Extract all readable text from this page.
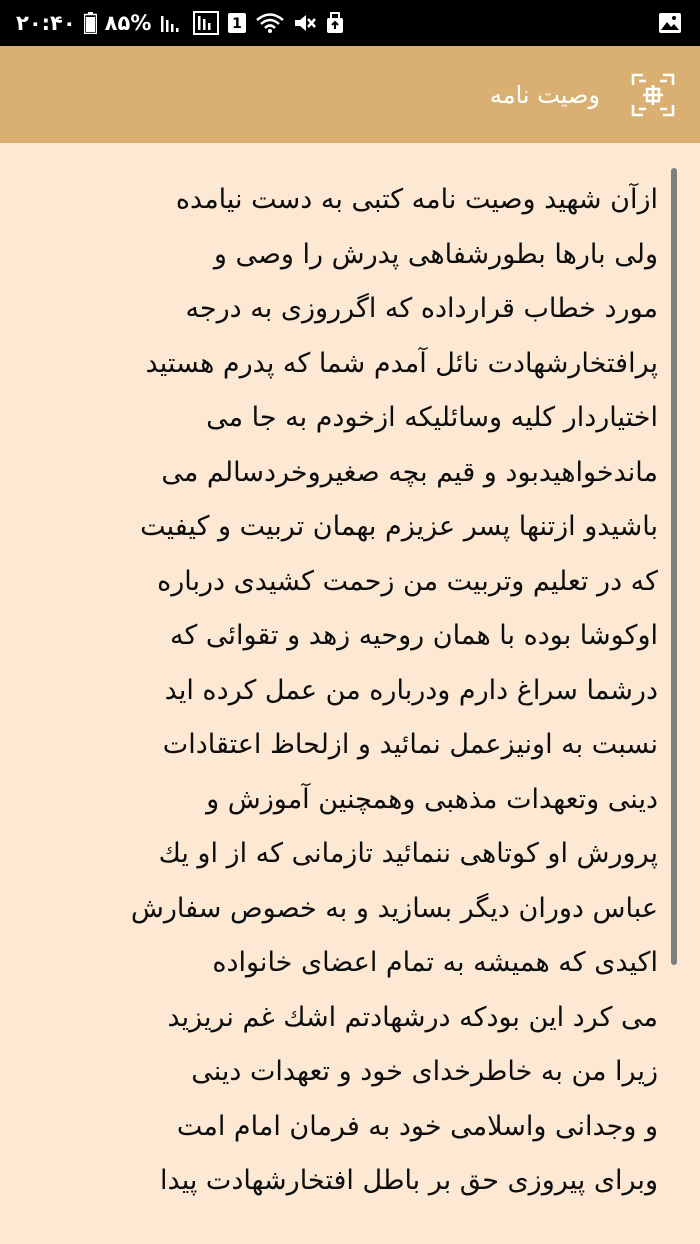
۲۰:۴۰ ٨۵%	1
وصیت نامه

ازآن شهید وصیت نامه کتبی به دست نیامده
ولی بارها بطورشفاهی پدرش را وصی و
مورد خطاب قرارداده که اگرروزی به درجه
پرافتخارشهادت نائل آمدم شما که پدرم هستید
اختیاردار کلیه وسائلیکه ازخودم به جا می
ماندخواهیدبود و قیم بچه صغیروخردسالم می
باشیدو ازتنها پسر عزیزم بهمان تربیت و کیفیت
که در تعلیم وتربیت من زحمت کشیدی درباره
اوکوشا بوده با همان روحیه زهد و تقوائی که
درشما سراغ دارم ودرباره من عمل کرده اید
نسبت به اونیزعمل نمائید و ازلحاظ اعتقادات
دینی وتعهدات مذهبی وهمچنین آموزش و
پرورش او کوتاهی ننمائید تازمانی که از او یك
عباس دوران دیگر بسازید و به خصوص سفارش
اکیدی که همیشه به تمام اعضای خانواده
می کرد این بودکه درشهادتم اشك غم نریزید
زیرا من به خاطرخدای خود و تعهدات دینی
و وجدانی واسلامی خود به فرمان امام امت
وبرای پیروزی حق بر باطل افتخارشهادت پیدا
